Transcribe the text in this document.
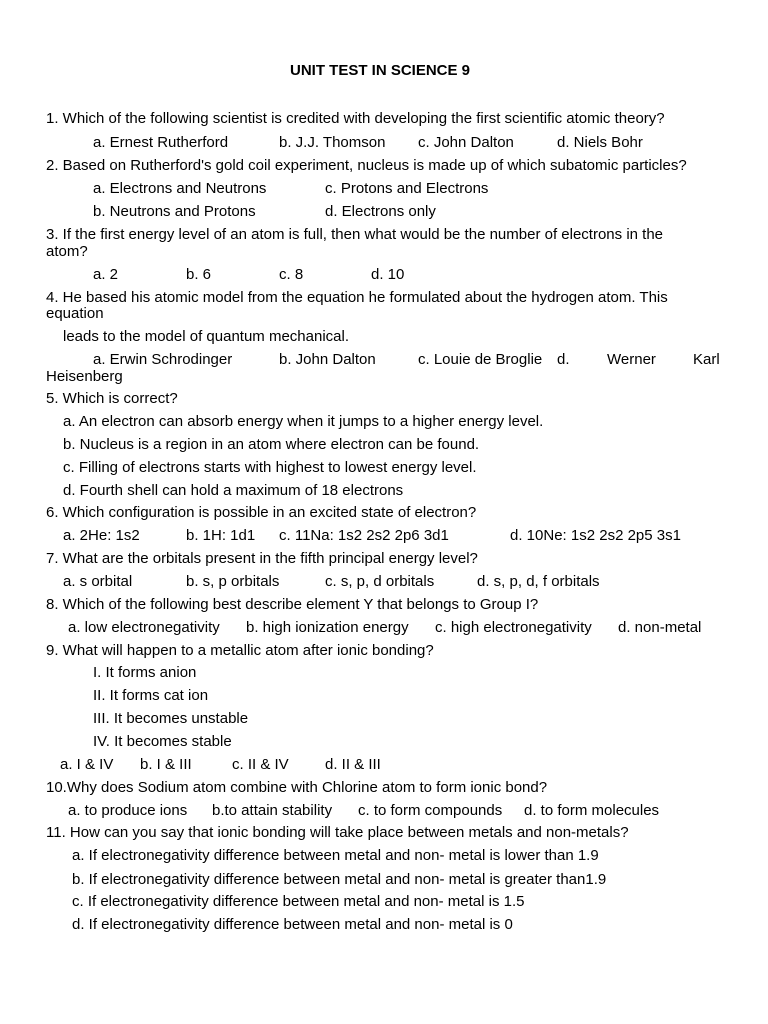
UNIT TEST IN SCIENCE 9
1. Which of the following scientist is credited with developing the first scientific atomic theory?
a. Ernest Rutherford	b. J.J. Thomson c. John Dalton	d. Niels Bohr
2. Based on Rutherford's gold coil experiment, nucleus is made up of which subatomic particles?
a. Electrons and Neutrons	c. Protons and Electrons
b. Neutrons and Protons	d. Electrons only
3. If the first energy level of an atom is full, then what would be the number of electrons in the
atom?
a. 2	b. 6	c. 8	d. 10
4. He based his atomic model from the equation he formulated about the hydrogen atom. This
equation
leads to the model of quantum mechanical.
a. Erwin Schrodinger	b. John Dalton	c. Louie de Broglie d. Werner Karl
Heisenberg
5. Which is correct?
a. An electron can absorb energy when it jumps to a higher energy level.
b. Nucleus is a region in an atom where electron can be found.
c. Filling of electrons starts with highest to lowest energy level.
d. Fourth shell can hold a maximum of 18 electrons
6. Which configuration is possible in an excited state of electron?
a. 2He: 1s2	b. 1H: 1d1 c. 11Na: 1s2 2s2 2p6 3d1	d. 10Ne: 1s2 2s2 2p5 3s1
7. What are the orbitals present in the fifth principal energy level?
a. s orbital	b. s, p orbitals	c. s, p, d orbitals	d. s, p, d, f orbitals
8. Which of the following best describe element Y that belongs to Group I?
a. low electronegativity b. high ionization energy c. high electronegativity d. non-metal
9. What will happen to a metallic atom after ionic bonding?
I. It forms anion
II. It forms cat ion
III. It becomes unstable
IV. It becomes stable
a. I & IV b. I & III	c. II & IV d. II & III
10.Why does Sodium atom combine with Chlorine atom to form ionic bond?
a. to produce ions b.to attain stability c. to form compounds d. to form molecules
11. How can you say that ionic bonding will take place between metals and non-metals?
a. If electronegativity difference between metal and non- metal is lower than 1.9
b. If electronegativity difference between metal and non- metal is greater than1.9
c. If electronegativity difference between metal and non- metal is 1.5
d. If electronegativity difference between metal and non- metal is 0
